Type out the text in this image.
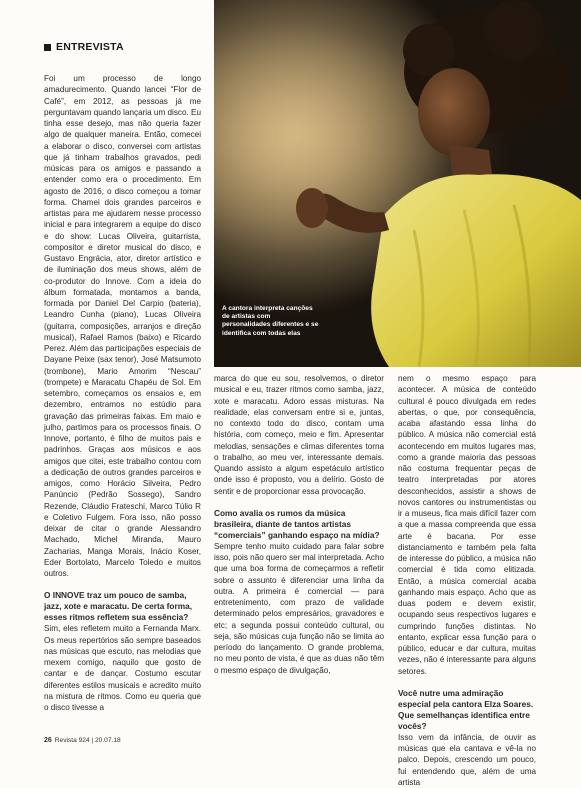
ENTREVISTA
A cantora interpreta canções de artistas com personalidades diferentes e se identifica com todas elas

Foi um processo de longo amadurecimento. Quando lancei “Flor de Café”, em 2012, as pessoas já me perguntavam quando lançaria um disco. Eu tinha esse desejo, mas não queria fazer algo de qualquer maneira. Então, comecei a elaborar o disco, conversei com artistas que já tinham trabalhos gravados, pedi músicas para os amigos e passando a entender como era o procedimento. Em agosto de 2016, o disco começou a tomar forma. Chamei dois grandes parceiros e artistas para me ajudarem nesse processo inicial e para integrarem a equipe do disco e do show: Lucas Oliveira, guitarrista, compositor e diretor musical do disco, e Gustavo Engrácia, ator, diretor artístico e de iluminação dos meus shows, além de co-produtor do Innove. Com a ideia do álbum formatada, montamos a banda, formada por Daniel Del Carpio (bateria), Leandro Cunha (piano), Lucas Oliveira (guitarra, composições, arranjos e direção musical), Rafael Ramos (baixo) e Ricardo Perez. Além das participações especiais de Dayane Peixe (sax tenor), José Matsumoto (trombone), Mario Amorim “Nescau” (trompete) e Maracatu Chapéu de Sol. Em setembro, começamos os ensaios e, em dezembro, entramos no estúdio para gravação das primeiras faixas. Em maio e julho, partimos para os processos finais. O Innove, portanto, é filho de muitos pais e padrinhos. Graças aos músicos e aos amigos que citei, este trabalho contou com a dedicação de outros grandes parceiros e amigos, como Horácio Silveira, Pedro Panúncio (Pedrão Sossego), Sandro Rezende, Cláudio Frateschi, Marco Túlio R e Coletivo Fulgem. Fora isso, não posso deixar de citar o grande Alessandro Machado, Michel Miranda, Mauro Zacharias, Manga Morais, Inácio Koser, Eder Bortolato, Marcelo Toledo e muitos outros.

O INNOVE traz um pouco de samba, jazz, xote e maracatu. De certa forma, esses ritmos refletem sua essência?

Sim, eles refletem muito a Fernanda Marx. Os meus repertórios são sempre baseados nas músicas que escuto, nas melodias que mexem comigo, naquilo que gosto de cantar e de dançar. Costumo escutar diferentes estilos musicais e acredito muito na mistura de ritmos. Como eu queria que o disco tivesse a

marca do que eu sou, resolvemos, o diretor musical e eu, trazer ritmos como samba, jazz, xote e maracatu. Adoro essas misturas. Na realidade, elas conversam entre si e, juntas, no contexto todo do disco, contam uma história, com começo, meio e fim. Apresentar melodias, sensações e climas diferentes torna o trabalho, ao meu ver, interessante demais. Quando assisto a algum espetáculo artístico onde isso é proposto, vou a delírio. Gosto de sentir e de proporcionar essa provocação.

Como avalia os rumos da música brasileira, diante de tantos artistas “comerciais” ganhando espaço na mídia?

Sempre tenho muito cuidado para falar sobre isso, pois não quero ser mal interpretada. Acho que uma boa forma de começarmos a refletir sobre o assunto é diferenciar uma linha da outra. A primeira é comercial — para entretenimento, com prazo de validade determinado pelos empresários, gravadores e etc; a segunda possui conteúdo cultural, ou seja, são músicas cuja função não se limita ao período do lançamento. O grande problema, no meu ponto de vista, é que as duas não têm o mesmo espaço de divulgação,

nem o mesmo espaço para acontecer. A música de conteúdo cultural é pouco divulgada em redes abertas, o que, por consequência, acaba afastando essa linha do público. A música não comercial está acontecendo em muitos lugares mas, como a grande maioria das pessoas não costuma frequentar peças de teatro interpretadas por atores desconhecidos, assistir a shows de novos cantores ou instrumentistas ou ir a museus, fica mais difícil fazer com a que a massa compreenda que essa arte é bacana. Por esse distanciamento e também pela falta de interesse do público, a música não comercial é tida como elitizada. Então, a música comercial acaba ganhando mais espaço. Acho que as duas podem e devem existir, ocupando seus respectivos lugares e cumprindo funções distintas. No entanto, explicar essa função para o público, educar e dar cultura, muitas vezes, não é interessante para alguns setores.

Você nutre uma admiração especial pela cantora Elza Soares. Que semelhanças identifica entre vocês?

Isso vem da infância, de ouvir as músicas que ela cantava e vê-la no palco. Depois, crescendo um pouco, fui entendendo que, além de uma artista

26 Revista 924 | 20.07.18
